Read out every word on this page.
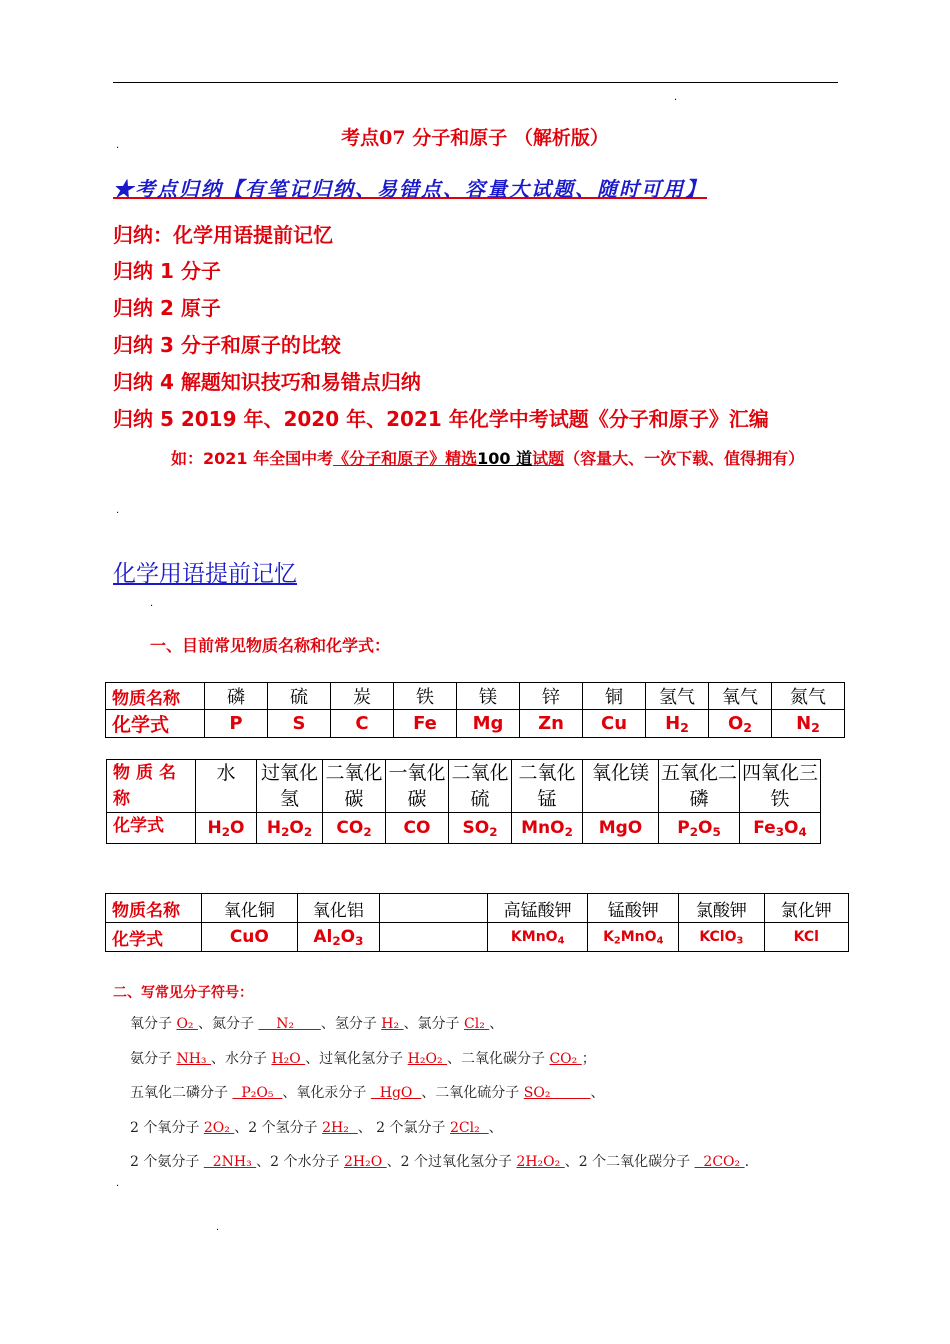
.
考点07 分子和原子 （解析版）
.
★考点归纳【有笔记归纳、易错点、容量大试题、随时可用】
归纳：化学用语提前记忆
归纳 1 分子
归纳 2 原子
归纳 3 分子和原子的比较
归纳 4 解题知识技巧和易错点归纳
归纳 5 2019 年、2020 年、2021 年化学中考试题《分子和原子》汇编
如：2021 年全国中考《分子和原子》精选100 道试题（容量大、一次下载、值得拥有）
.
化学用语提前记忆
.
一、目前常见物质名称和化学式：
物质名称	磷	硫	炭	铁	镁	锌	铜	氢气	氧气	氮气
化学式	P	S	C	Fe	Mg	Zn	Cu	$H_2$	$O_2$	$N_2$
物质名称	水	过氧化氢	二氧化碳	一氧化碳	二氧化硫	二氧化锰	氧化镁	五氧化二磷	四氧化三铁
化学式	$H_2O$	$H_2O_2$	$CO_2$	CO	$SO_2$	MnO$_2$	MgO	$P_2O_5$	$Fe_3O_4$
物质名称	氧化铜	氧化铝		高锰酸钾	锰酸钾	氯酸钾	氯化钾
化学式	CuO	$Al_2O_3$		KMnO$_4$	$K_2MnO_4$	KClO$_3$	KCl
二、写常见分子符号：
氧分子 O₂ 、氮分子     N₂      、氢分子 H₂ 、氯分子 Cl₂ 、
氨分子 NH₃ 、水分子 H₂O 、过氧化氢分子 H₂O₂ 、二氧化碳分子 CO₂ ；
五氧化二磷分子   P₂O₅  、氧化汞分子   HgO  、二氧化硫分子 SO₂         、
2 个氧分子 2O₂ 、2 个氢分子 2H₂  、 2 个氯分子 2Cl₂  、
2 个氨分子   2NH₃ 、2 个水分子 2H₂O 、2 个过氧化氢分子 2H₂O₂ 、2 个二氧化碳分子   2CO₂ .
.
.
